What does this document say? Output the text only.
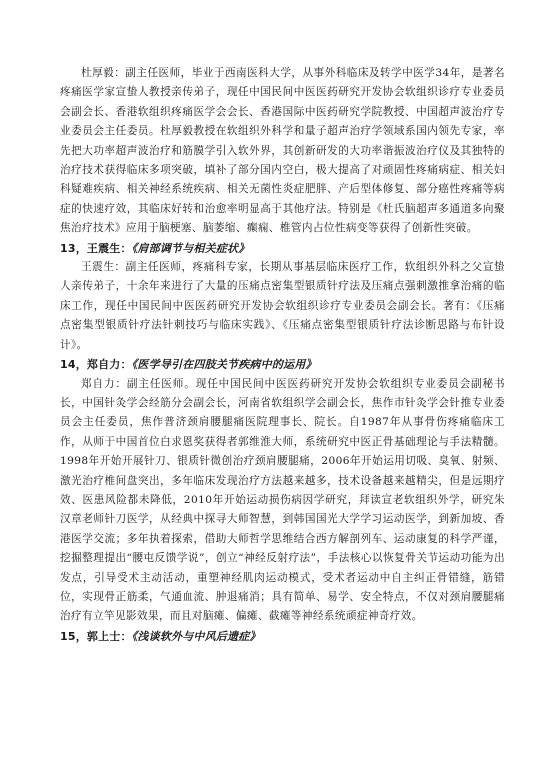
杜厚毅：副主任医师，毕业于西南医科大学，从事外科临床及转学中医学34年，是著名疼痛医学家宣蛰人教授亲传弟子，现任中国民间中医医药研究开发协会软组织诊疗专业委员会副会长、香港软组织疼痛医学会会长、香港国际中医药研究学院教授、中国超声波治疗专业委员会主任委员。杜厚毅教授在软组织外科学和量子超声治疗学领域系国内领先专家，率先把大功率超声波治疗和筋膜学引入软外界，其创新研发的大功率谐振波治疗仪及其独特的治疗技术获得临床多项突破，填补了部分国内空白，极大提高了对顽固性疼痛病症、相关妇科疑难疾病、相关神经系统疾病、相关无菌性炎症肥胖、产后型体修复、部分癌性疼痛等病症的快速疗效，其临床好转和治愈率明显高于其他疗法。特别是《杜氏脑超声多通道多向聚焦治疗技术》应用于脑梗塞、脑萎缩、癫痫、椎管内占位性病变等获得了创新性突破。

13，王震生：《肩部调节与相关症状》

王震生：副主任医师，疼痛科专家，长期从事基层临床医疗工作，软组织外科之父宣蛰人亲传弟子，十余年来进行了大量的压痛点密集型银质针疗法及压痛点强刺激推拿治痛的临床工作，现任中国民间中医医药研究开发协会软组织诊疗专业委员会副会长。著有：《压痛点密集型银质针疗法针刺技巧与临床实践》、《压痛点密集型银质针疗法诊断思路与布针设计》。

14，郑自力：《医学导引在四肢关节疾病中的运用》

郑自力：副主任医师。现任中国民间中医医药研究开发协会软组织专业委员会副秘书长，中国针灸学会经筋分会副会长，河南省软组织学会副会长，焦作市针灸学会针推专业委员会主任委员，焦作普济颈肩腰腿痛医院理事长、院长。自1987年从事骨伤疼痛临床工作，从师于中国首位白求恩奖获得者郭维淮大师，系统研究中医正骨基础理论与手法精髓。1998年开始开展针刀、银质针微创治疗颈肩腰腿痛，2006年开始运用切吸、臭氧、射频、激光治疗椎间盘突出，多年临床发现治疗方法越来越多，技术设备越来越精尖，但是远期疗效、医患风险都未降低，2010年开始运动损伤病因学研究，拜读宣老软组织外学，研究朱汉章老师针刀医学，从经典中探寻大师智慧，到韩国国光大学学习运动医学，到新加坡、香港医学交流；多年执着探索，借助大师哲学思维结合西方解剖列车、运动康复的科学严谨，挖掘整理提出“腰屯反馈学说”，创立“神经反射疗法”，手法核心以恢复骨关节运动功能为出发点，引导受术主动活动，重塑神经肌肉运动模式，受术者运动中自主纠正骨错缝，筋错位，实现骨正筋柔，气通血流、肿退痛消；具有简单、易学、安全特点，不仅对颈肩腰腿痛治疗有立竿见影效果，而且对脑瘫、偏瘫、截瘫等神经系统顽症神奇疗效。

15，郭上士：《浅谈软外与中风后遗症》
